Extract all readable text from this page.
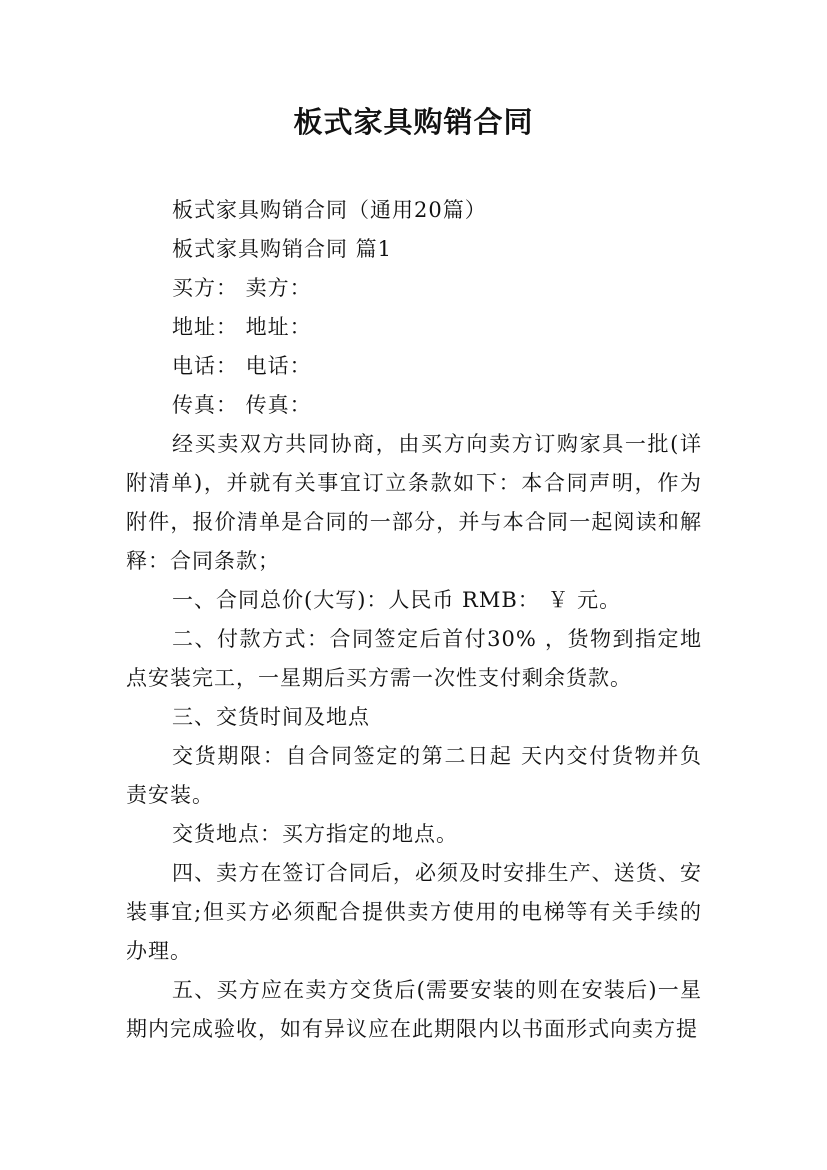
板式家具购销合同

板式家具购销合同（通用20篇）

板式家具购销合同 篇1

买方： 卖方：

地址： 地址：

电话： 电话：

传真： 传真：

经买卖双方共同协商，由买方向卖方订购家具一批(详附清单)，并就有关事宜订立条款如下：本合同声明，作为附件，报价清单是合同的一部分，并与本合同一起阅读和解释：合同条款；

一、合同总价(大写)：人民币 RMB： ￥ 元。

二、付款方式：合同签定后首付30% ，货物到指定地点安装完工，一星期后买方需一次性支付剩余货款。

三、交货时间及地点

交货期限：自合同签定的第二日起 天内交付货物并负责安装。

交货地点：买方指定的地点。

四、卖方在签订合同后，必须及时安排生产、送货、安装事宜;但买方必须配合提供卖方使用的电梯等有关手续的办理。

五、买方应在卖方交货后(需要安装的则在安装后)一星期内完成验收，如有异议应在此期限内以书面形式向卖方提
